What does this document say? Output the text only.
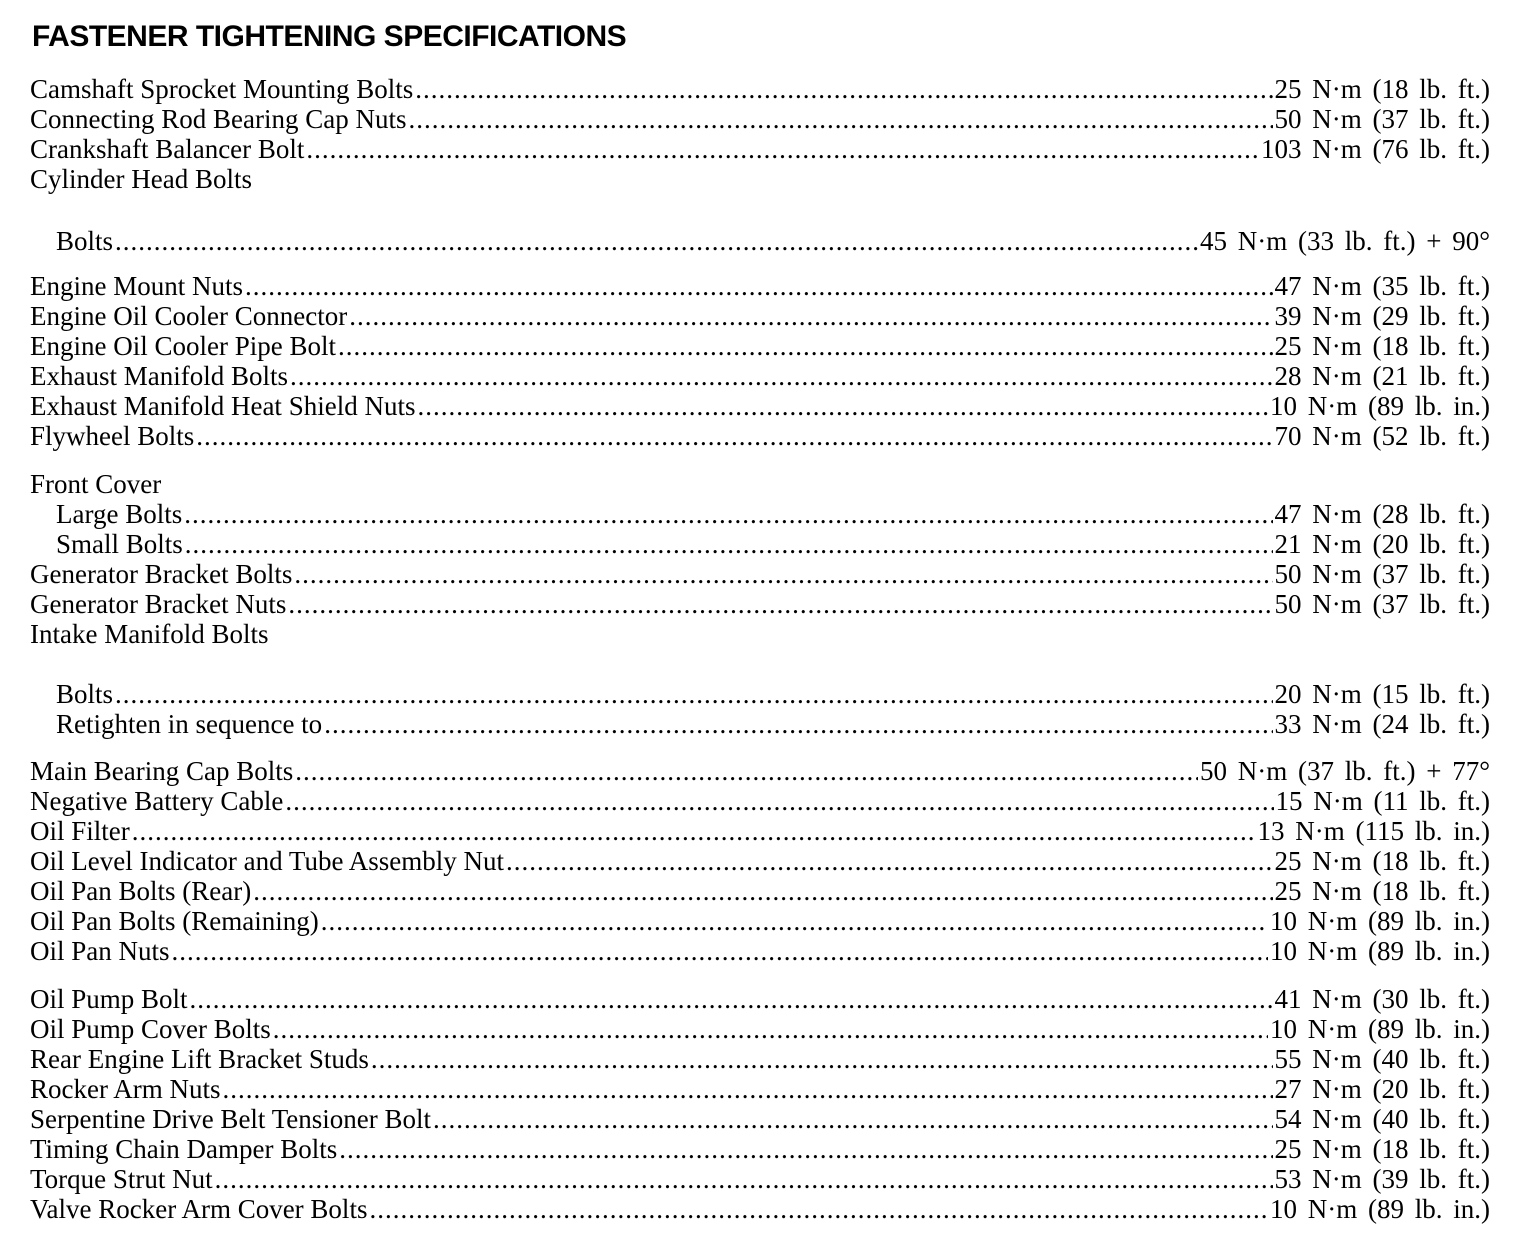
FASTENER TIGHTENING SPECIFICATIONS
Camshaft Sprocket Mounting Bolts .....	25 N·m (18 lb. ft.)
Connecting Rod Bearing Cap Nuts .....	50 N·m (37 lb. ft.)
Crankshaft Balancer Bolt .....	103 N·m (76 lb. ft.)
Cylinder Head Bolts
Bolts .....	45 N·m (33 lb. ft.) + 90°
Engine Mount Nuts .....	47 N·m (35 lb. ft.)
Engine Oil Cooler Connector .....	39 N·m (29 lb. ft.)
Engine Oil Cooler Pipe Bolt .....	25 N·m (18 lb. ft.)
Exhaust Manifold Bolts .....	28 N·m (21 lb. ft.)
Exhaust Manifold Heat Shield Nuts .....	10 N·m (89 lb. in.)
Flywheel Bolts .....	70 N·m (52 lb. ft.)
Front Cover
Large Bolts .....	47 N·m (28 lb. ft.)
Small Bolts .....	21 N·m (20 lb. ft.)
Generator Bracket Bolts .....	50 N·m (37 lb. ft.)
Generator Bracket Nuts .....	50 N·m (37 lb. ft.)
Intake Manifold Bolts
Bolts .....	20 N·m (15 lb. ft.)
Retighten in sequence to .....	33 N·m (24 lb. ft.)
Main Bearing Cap Bolts .....	50 N·m (37 lb. ft.) + 77°
Negative Battery Cable .....	15 N·m (11 lb. ft.)
Oil Filter .....	13 N·m (115 lb. in.)
Oil Level Indicator and Tube Assembly Nut .....	25 N·m (18 lb. ft.)
Oil Pan Bolts (Rear) .....	25 N·m (18 lb. ft.)
Oil Pan Bolts (Remaining) .....	10 N·m (89 lb. in.)
Oil Pan Nuts .....	10 N·m (89 lb. in.)
Oil Pump Bolt .....	41 N·m (30 lb. ft.)
Oil Pump Cover Bolts .....	10 N·m (89 lb. in.)
Rear Engine Lift Bracket Studs .....	55 N·m (40 lb. ft.)
Rocker Arm Nuts .....	27 N·m (20 lb. ft.)
Serpentine Drive Belt Tensioner Bolt .....	54 N·m (40 lb. ft.)
Timing Chain Damper Bolts .....	25 N·m (18 lb. ft.)
Torque Strut Nut .....	53 N·m (39 lb. ft.)
Valve Rocker Arm Cover Bolts .....	10 N·m (89 lb. in.)
